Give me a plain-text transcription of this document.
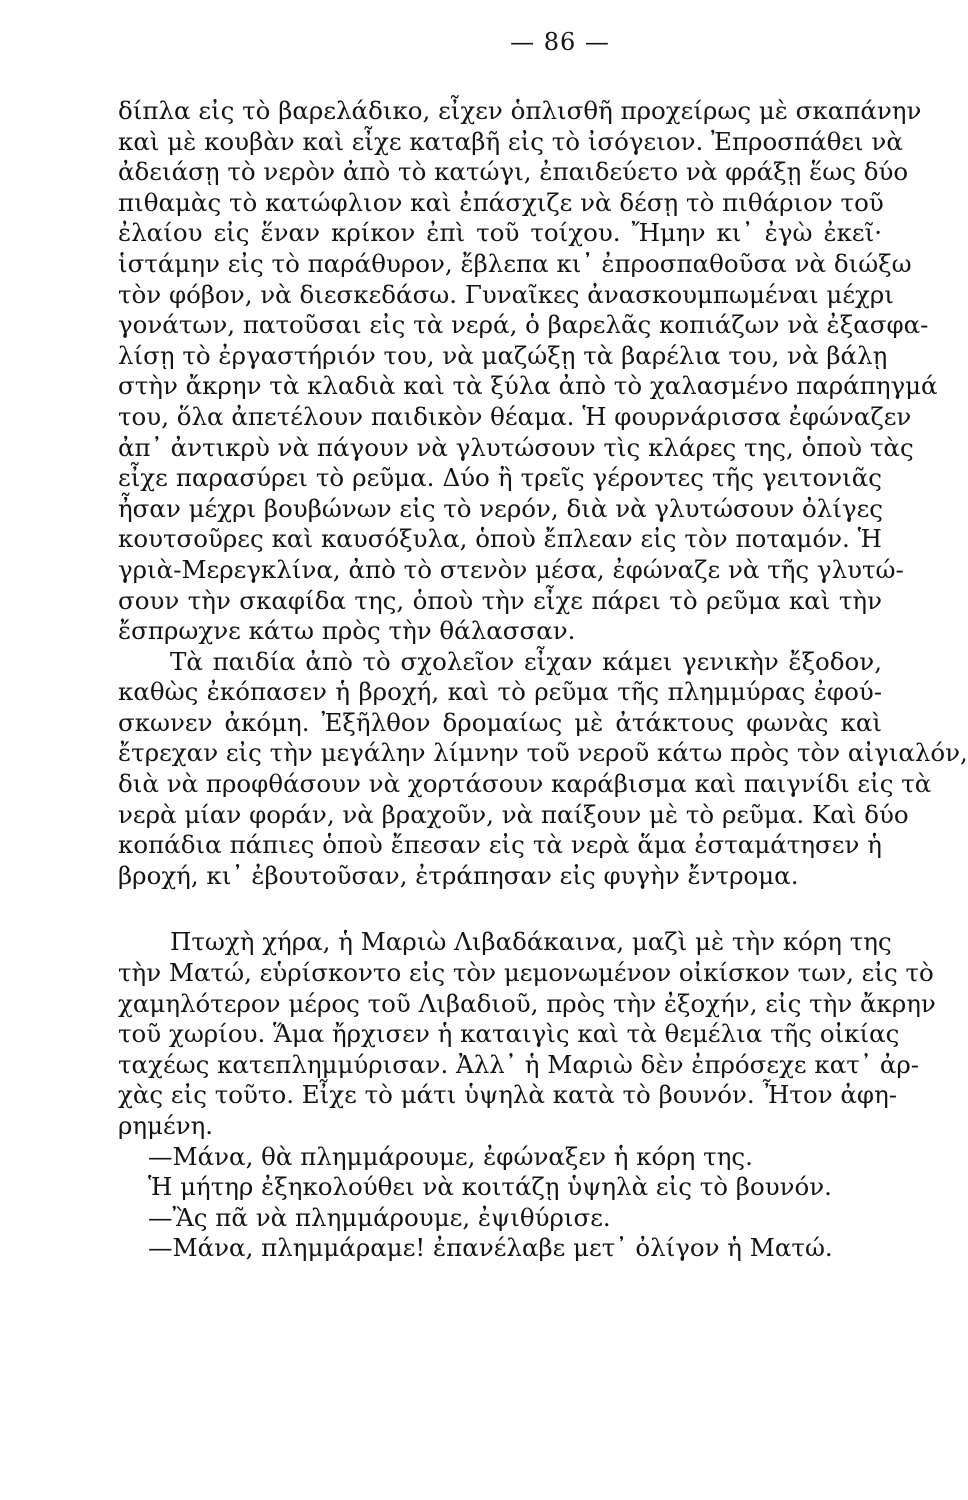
— 86 —
δίπλα εἰς τὸ βαρελάδικο, εἶχεν ὁπλισθῆ προχείρως μὲ σκαπάνην
καὶ μὲ κουβὰν καὶ εἶχε καταβῆ εἰς τὸ ἰσόγειον. Ἐπροσπάθει νὰ
ἀδειάσῃ τὸ νερὸν ἀπὸ τὸ κατώγι, ἐπαιδεύετο νὰ φράξῃ ἕως δύο
πιθαμὰς τὸ κατώφλιον καὶ ἐπάσχιζε νὰ δέσῃ τὸ πιθάριον τοῦ
ἐλαίου εἰς ἕναν κρίκον ἐπὶ τοῦ τοίχου. Ἤμην κι᾽ ἐγὼ ἐκεῖ·
ἱστάμην εἰς τὸ παράθυρον, ἔβλεπα κι᾽ ἐπροσπαθοῦσα νὰ διώξω
τὸν φόβον, νὰ διεσκεδάσω. Γυναῖκες ἀνασκουμπωμέναι μέχρι
γονάτων, πατοῦσαι εἰς τὰ νερά, ὁ βαρελᾶς κοπιάζων νὰ ἐξασφα-
λίσῃ τὸ ἐργαστήριόν του, νὰ μαζώξῃ τὰ βαρέλια του, νὰ βάλῃ
στὴν ἄκρην τὰ κλαδιὰ καὶ τὰ ξύλα ἀπὸ τὸ χαλασμένο παράπηγμά
του, ὅλα ἀπετέλουν παιδικὸν θέαμα. Ἡ φουρνάρισσα ἐφώναζεν
ἀπ᾽ ἀντικρὺ νὰ πάγουν νὰ γλυτώσουν τὶς κλάρες της, ὁποὺ τὰς
εἶχε παρασύρει τὸ ρεῦμα. Δύο ἢ τρεῖς γέροντες τῆς γειτονιᾶς
ἦσαν μέχρι βουβώνων εἰς τὸ νερόν, διὰ νὰ γλυτώσουν ὀλίγες
κουτσοῦρες καὶ καυσόξυλα, ὁποὺ ἔπλεαν εἰς τὸν ποταμόν. Ἡ
γριὰ-Μερεγκλίνα, ἀπὸ τὸ στενὸν μέσα, ἐφώναζε νὰ τῆς γλυτώ-
σουν τὴν σκαφίδα της, ὁποὺ τὴν εἶχε πάρει τὸ ρεῦμα καὶ τὴν
ἔσπρωχνε κάτω πρὸς τὴν θάλασσαν.
Τὰ παιδία ἀπὸ τὸ σχολεῖον εἶχαν κάμει γενικὴν ἔξοδον,
καθὼς ἐκόπασεν ἡ βροχή, καὶ τὸ ρεῦμα τῆς πλημμύρας ἐφού-
σκωνεν ἀκόμη. Ἐξῆλθον δρομαίως μὲ ἀτάκτους φωνὰς καὶ
ἔτρεχαν εἰς τὴν μεγάλην λίμνην τοῦ νεροῦ κάτω πρὸς τὸν αἰγιαλόν,
διὰ νὰ προφθάσουν νὰ χορτάσουν καράβισμα καὶ παιγνίδι εἰς τὰ
νερὰ μίαν φοράν, νὰ βραχοῦν, νὰ παίξουν μὲ τὸ ρεῦμα. Καὶ δύο
κοπάδια πάπιες ὁποὺ ἔπεσαν εἰς τὰ νερὰ ἅμα ἐσταμάτησεν ἡ
βροχή, κι᾽ ἐβουτοῦσαν, ἐτράπησαν εἰς φυγὴν ἔντρομα.
Πτωχὴ χήρα, ἡ Μαριὼ Λιβαδάκαινα, μαζὶ μὲ τὴν κόρη της
τὴν Ματώ, εὑρίσκοντο εἰς τὸν μεμονωμένον οἰκίσκον των, εἰς τὸ
χαμηλότερον μέρος τοῦ Λιβαδιοῦ, πρὸς τὴν ἐξοχήν, εἰς τὴν ἄκρην
τοῦ χωρίου. Ἅμα ἤρχισεν ἡ καταιγὶς καὶ τὰ θεμέλια τῆς οἰκίας
ταχέως κατεπλημμύρισαν. Ἀλλ᾽ ἡ Μαριὼ δὲν ἐπρόσεχε κατ᾽ ἀρ-
χὰς εἰς τοῦτο. Εἶχε τὸ μάτι ὑψηλὰ κατὰ τὸ βουνόν. Ἦτον ἀφη-
ρημένη.
—Μάνα, θὰ πλημμάρουμε, ἐφώναξεν ἡ κόρη της.
Ἡ μήτηρ ἐξηκολούθει νὰ κοιτάζῃ ὑψηλὰ εἰς τὸ βουνόν.
—Ἂς πᾶ νὰ πλημμάρουμε, ἐψιθύρισε.
—Μάνα, πλημμάραμε! ἐπανέλαβε μετ᾽ ὀλίγον ἡ Ματώ.
